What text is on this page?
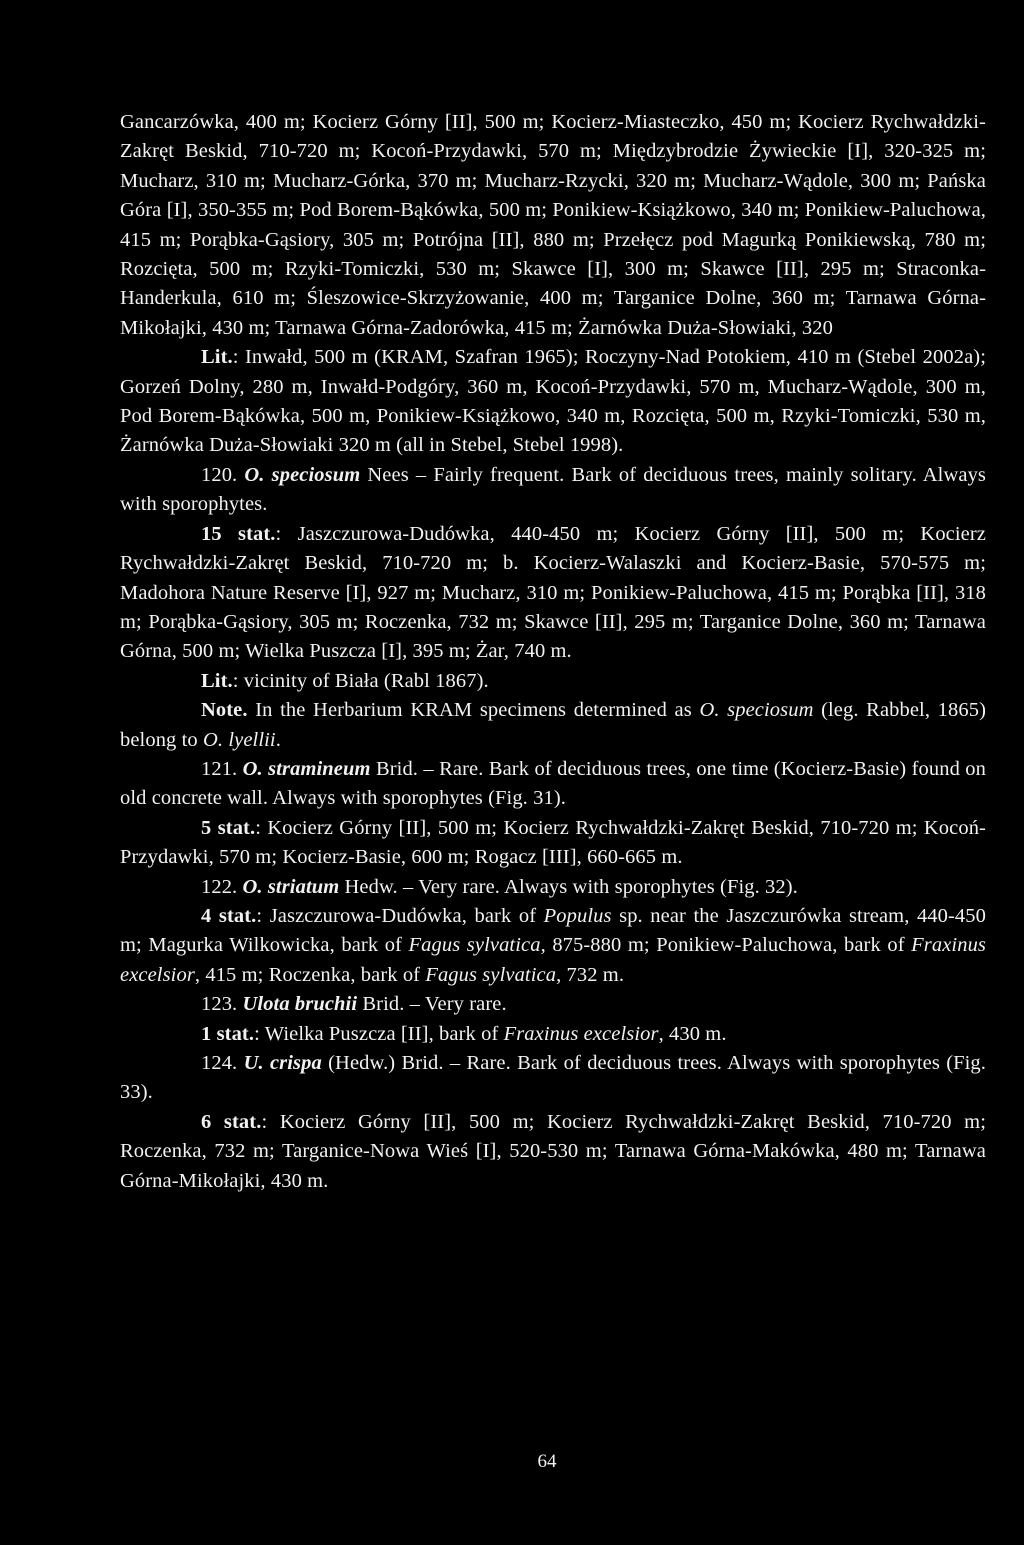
Gancarzówka, 400 m; Kocierz Górny [II], 500 m; Kocierz-Miasteczko, 450 m; Kocierz Rychwałdzki-Zakręt Beskid, 710-720 m; Kocoń-Przydawki, 570 m; Międzybrodzie Żywieckie [I], 320-325 m; Mucharz, 310 m; Mucharz-Górka, 370 m; Mucharz-Rzycki, 320 m; Mucharz-Wądole, 300 m; Pańska Góra [I], 350-355 m; Pod Borem-Bąkówka, 500 m; Ponikiew-Książkowo, 340 m; Ponikiew-Paluchowa, 415 m; Porąbka-Gąsiory, 305 m; Potrójna [II], 880 m; Przełęcz pod Magurką Ponikiewską, 780 m; Rozcięta, 500 m; Rzyki-Tomiczki, 530 m; Skawce [I], 300 m; Skawce [II], 295 m; Straconka-Handerkula, 610 m; Śleszowice-Skrzyżowanie, 400 m; Targanice Dolne, 360 m; Tarnawa Górna-Mikołajki, 430 m; Tarnawa Górna-Zadorówka, 415 m; Żarnówka Duża-Słowiaki, 320

Lit.: Inwałd, 500 m (KRAM, Szafran 1965); Roczyny-Nad Potokiem, 410 m (Stebel 2002a); Gorzeń Dolny, 280 m, Inwałd-Podgóry, 360 m, Kocoń-Przydawki, 570 m, Mucharz-Wądole, 300 m, Pod Borem-Bąkówka, 500 m, Ponikiew-Książkowo, 340 m, Rozcięta, 500 m, Rzyki-Tomiczki, 530 m, Żarnówka Duża-Słowiaki 320 m (all in Stebel, Stebel 1998).

120. O. speciosum Nees – Fairly frequent. Bark of deciduous trees, mainly solitary. Always with sporophytes.

15 stat.: Jaszczurowa-Dudówka, 440-450 m; Kocierz Górny [II], 500 m; Kocierz Rychwałdzki-Zakręt Beskid, 710-720 m; b. Kocierz-Walaszki and Kocierz-Basie, 570-575 m; Madohora Nature Reserve [I], 927 m; Mucharz, 310 m; Ponikiew-Paluchowa, 415 m; Porąbka [II], 318 m; Porąbka-Gąsiory, 305 m; Roczenka, 732 m; Skawce [II], 295 m; Targanice Dolne, 360 m; Tarnawa Górna, 500 m; Wielka Puszcza [I], 395 m; Żar, 740 m.

Lit.: vicinity of Biała (Rabl 1867).

Note. In the Herbarium KRAM specimens determined as O. speciosum (leg. Rabbel, 1865) belong to O. lyellii.

121. O. stramineum Brid. – Rare. Bark of deciduous trees, one time (Kocierz-Basie) found on old concrete wall. Always with sporophytes (Fig. 31).

5 stat.: Kocierz Górny [II], 500 m; Kocierz Rychwałdzki-Zakręt Beskid, 710-720 m; Kocoń-Przydawki, 570 m; Kocierz-Basie, 600 m; Rogacz [III], 660-665 m.

122. O. striatum Hedw. – Very rare. Always with sporophytes (Fig. 32).

4 stat.: Jaszczurowa-Dudówka, bark of Populus sp. near the Jaszczurówka stream, 440-450 m; Magurka Wilkowicka, bark of Fagus sylvatica, 875-880 m; Ponikiew-Paluchowa, bark of Fraxinus excelsior, 415 m; Roczenka, bark of Fagus sylvatica, 732 m.

123. Ulota bruchii Brid. – Very rare.

1 stat.: Wielka Puszcza [II], bark of Fraxinus excelsior, 430 m.

124. U. crispa (Hedw.) Brid. – Rare. Bark of deciduous trees. Always with sporophytes (Fig. 33).

6 stat.: Kocierz Górny [II], 500 m; Kocierz Rychwałdzki-Zakręt Beskid, 710-720 m; Roczenka, 732 m; Targanice-Nowa Wieś [I], 520-530 m; Tarnawa Górna-Makówka, 480 m; Tarnawa Górna-Mikołajki, 430 m.

64
